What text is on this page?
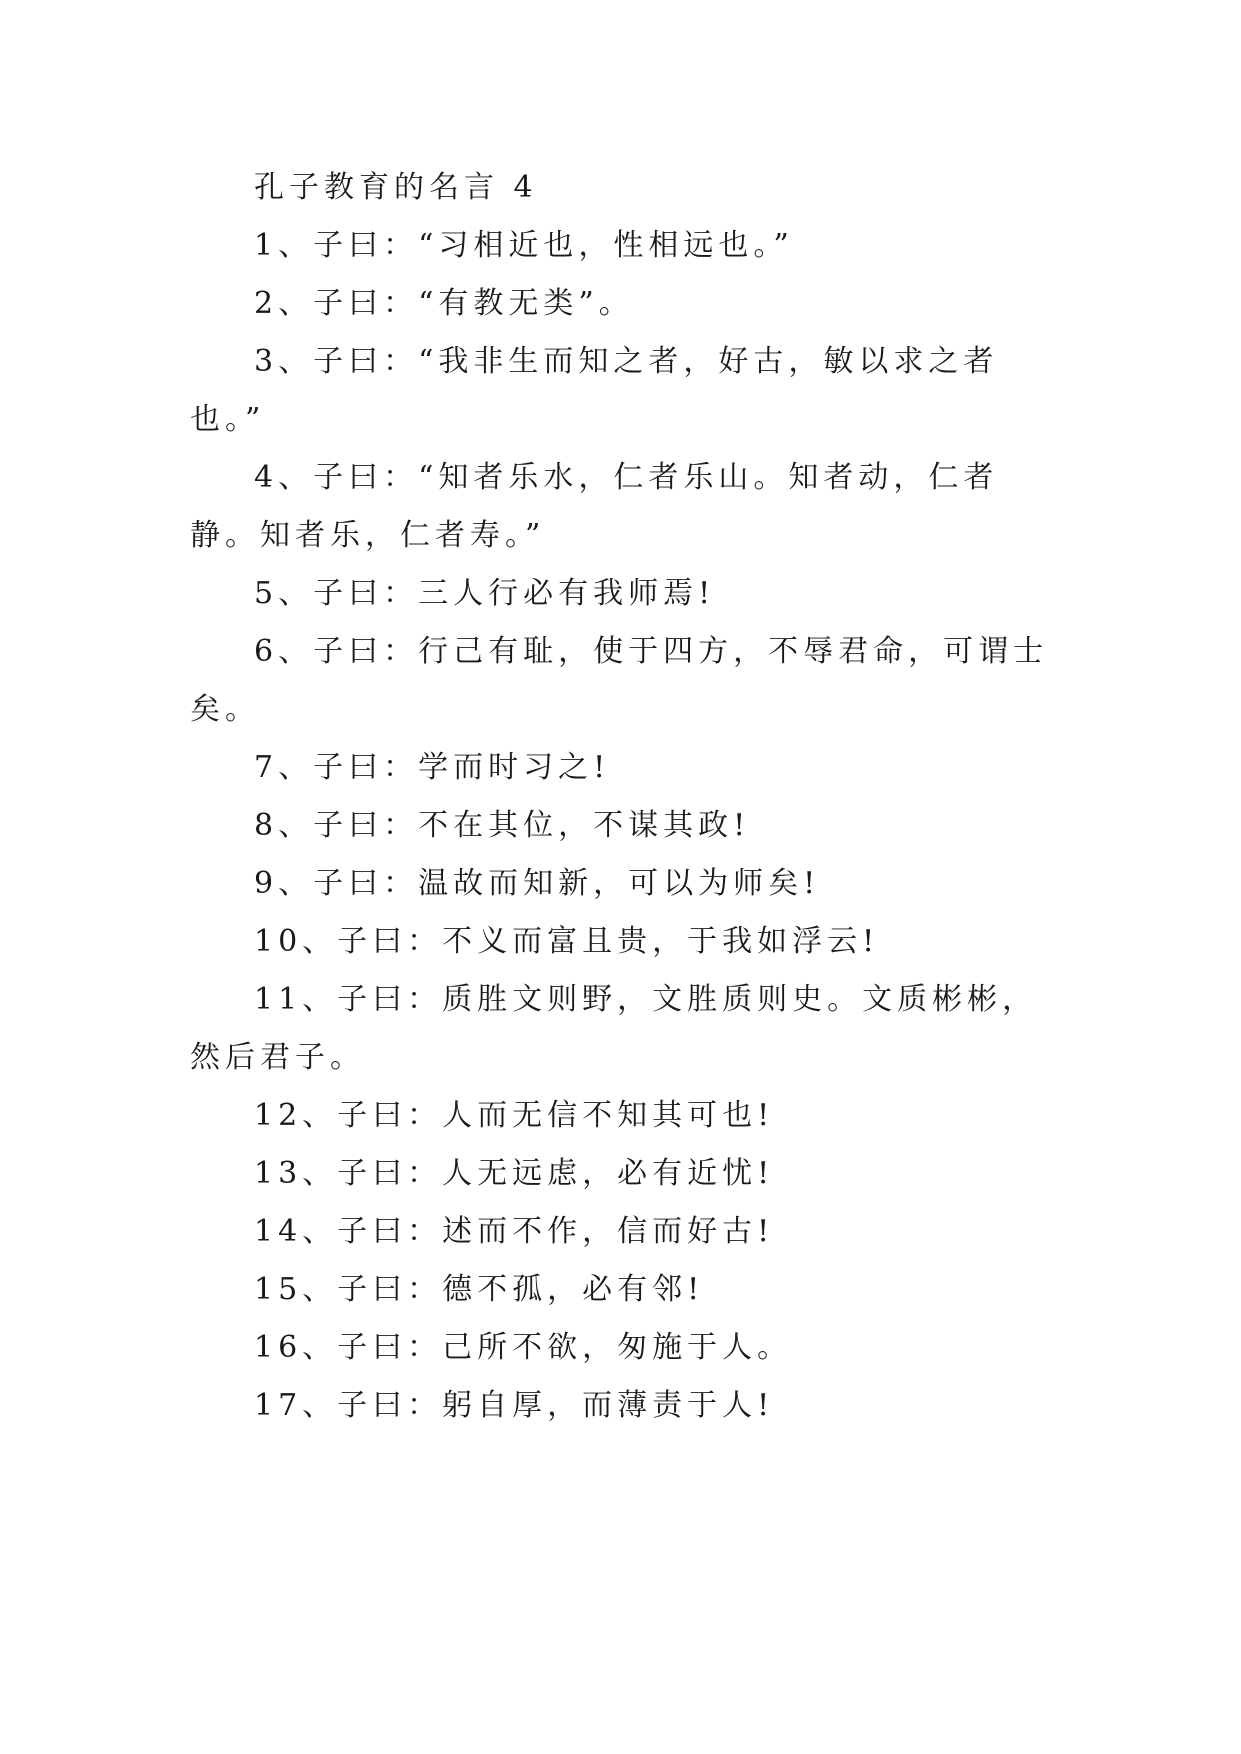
孔子教育的名言 4

1、子曰：“习相近也，性相远也。”

2、子曰：“有教无类”。

3、子曰：“我非生而知之者，好古，敏以求之者也。”

4、子曰：“知者乐水，仁者乐山。知者动，仁者静。知者乐，仁者寿。”

5、子曰：三人行必有我师焉!

6、子曰：行己有耻，使于四方，不辱君命，可谓士矣。

7、子曰：学而时习之!

8、子曰：不在其位，不谋其政!

9、子曰：温故而知新，可以为师矣!

10、子曰：不义而富且贵，于我如浮云!

11、子曰：质胜文则野，文胜质则史。文质彬彬，然后君子。

12、子曰：人而无信不知其可也!

13、子曰：人无远虑，必有近忧!

14、子曰：述而不作，信而好古!

15、子曰：德不孤，必有邻!

16、子曰：己所不欲，匆施于人。

17、子曰：躬自厚，而薄责于人!
